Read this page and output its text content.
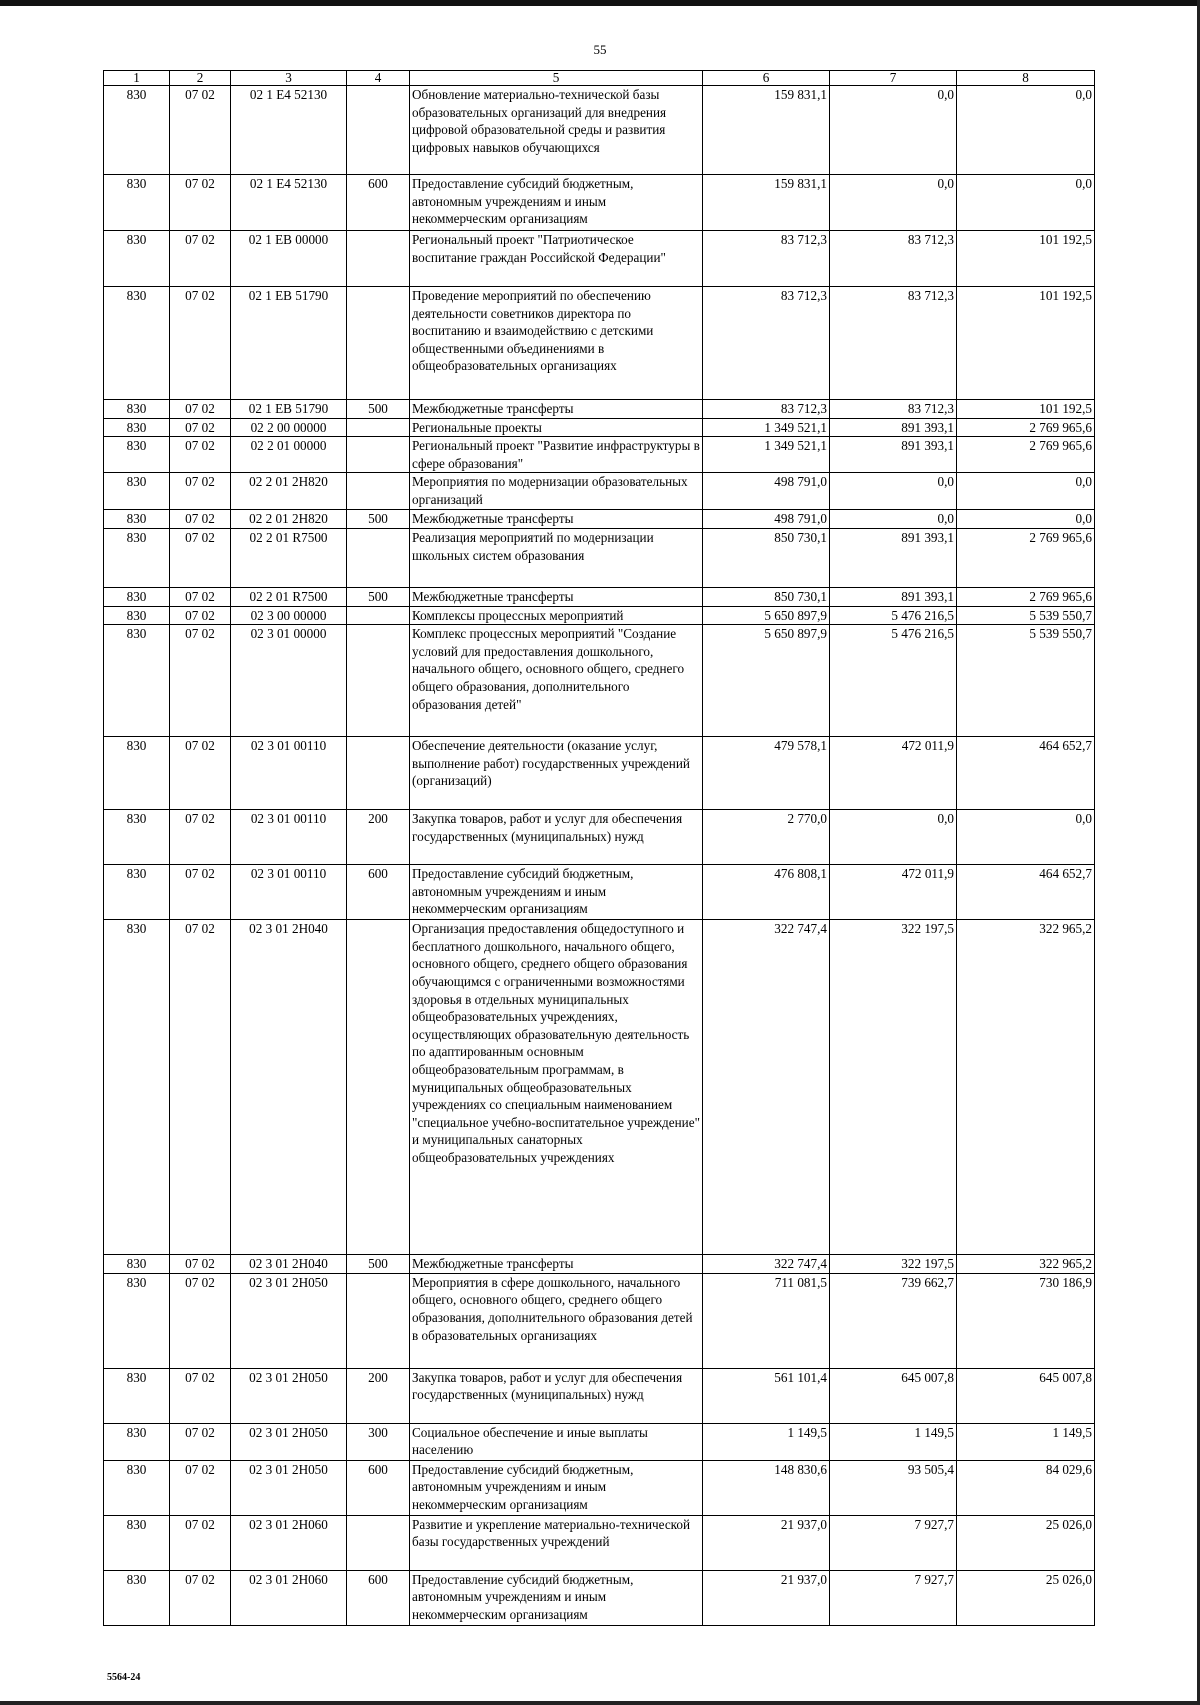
55
1	2	3	4	5	6	7	8
830	07 02	02 1 E4 52130		Обновление материально-технической базы образовательных организаций для внедрения цифровой образовательной среды и развития цифровых навыков обучающихся	159 831,1	0,0	0,0
830	07 02	02 1 E4 52130	600	Предоставление субсидий бюджетным, автономным учреждениям и иным некоммерческим организациям	159 831,1	0,0	0,0
830	07 02	02 1 EB 00000		Региональный проект "Патриотическое воспитание граждан Российской Федерации"	83 712,3	83 712,3	101 192,5
830	07 02	02 1 EB 51790		Проведение мероприятий по обеспечению деятельности советников директора по воспитанию и взаимодействию с детскими общественными объединениями в общеобразовательных организациях	83 712,3	83 712,3	101 192,5
830	07 02	02 1 EB 51790	500	Межбюджетные трансферты	83 712,3	83 712,3	101 192,5
830	07 02	02 2 00 00000		Региональные проекты	1 349 521,1	891 393,1	2 769 965,6
830	07 02	02 2 01 00000		Региональный проект "Развитие инфраструктуры в сфере образования"	1 349 521,1	891 393,1	2 769 965,6
830	07 02	02 2 01 2H820		Мероприятия по модернизации образовательных организаций	498 791,0	0,0	0,0
830	07 02	02 2 01 2H820	500	Межбюджетные трансферты	498 791,0	0,0	0,0
830	07 02	02 2 01 R7500		Реализация мероприятий по модернизации школьных систем образования	850 730,1	891 393,1	2 769 965,6
830	07 02	02 2 01 R7500	500	Межбюджетные трансферты	850 730,1	891 393,1	2 769 965,6
830	07 02	02 3 00 00000		Комплексы процессных мероприятий	5 650 897,9	5 476 216,5	5 539 550,7
830	07 02	02 3 01 00000		Комплекс процессных мероприятий "Создание условий для предоставления дошкольного, начального общего, основного общего, среднего общего образования, дополнительного образования детей"	5 650 897,9	5 476 216,5	5 539 550,7
830	07 02	02 3 01 00110		Обеспечение деятельности (оказание услуг, выполнение работ) государственных учреждений (организаций)	479 578,1	472 011,9	464 652,7
830	07 02	02 3 01 00110	200	Закупка товаров, работ и услуг для обеспечения государственных (муниципальных) нужд	2 770,0	0,0	0,0
830	07 02	02 3 01 00110	600	Предоставление субсидий бюджетным, автономным учреждениям и иным некоммерческим организациям	476 808,1	472 011,9	464 652,7
830	07 02	02 3 01 2H040		Организация предоставления общедоступного и бесплатного дошкольного, начального общего, основного общего, среднего общего образования обучающимся с ограниченными возможностями здоровья в отдельных муниципальных общеобразовательных учреждениях, осуществляющих образовательную деятельность по адаптированным основным общеобразовательным программам, в муниципальных общеобразовательных учреждениях со специальным наименованием "специальное учебно-воспитательное учреждение" и муниципальных санаторных общеобразовательных учреждениях	322 747,4	322 197,5	322 965,2
830	07 02	02 3 01 2H040	500	Межбюджетные трансферты	322 747,4	322 197,5	322 965,2
830	07 02	02 3 01 2H050		Мероприятия в сфере дошкольного, начального общего, основного общего, среднего общего образования, дополнительного образования детей в образовательных организациях	711 081,5	739 662,7	730 186,9
830	07 02	02 3 01 2H050	200	Закупка товаров, работ и услуг для обеспечения государственных (муниципальных) нужд	561 101,4	645 007,8	645 007,8
830	07 02	02 3 01 2H050	300	Социальное обеспечение и иные выплаты населению	1 149,5	1 149,5	1 149,5
830	07 02	02 3 01 2H050	600	Предоставление субсидий бюджетным, автономным учреждениям и иным некоммерческим организациям	148 830,6	93 505,4	84 029,6
830	07 02	02 3 01 2H060		Развитие и укрепление материально-технической базы государственных учреждений	21 937,0	7 927,7	25 026,0
830	07 02	02 3 01 2H060	600	Предоставление субсидий бюджетным, автономным учреждениям и иным некоммерческим организациям	21 937,0	7 927,7	25 026,0
5564-24
